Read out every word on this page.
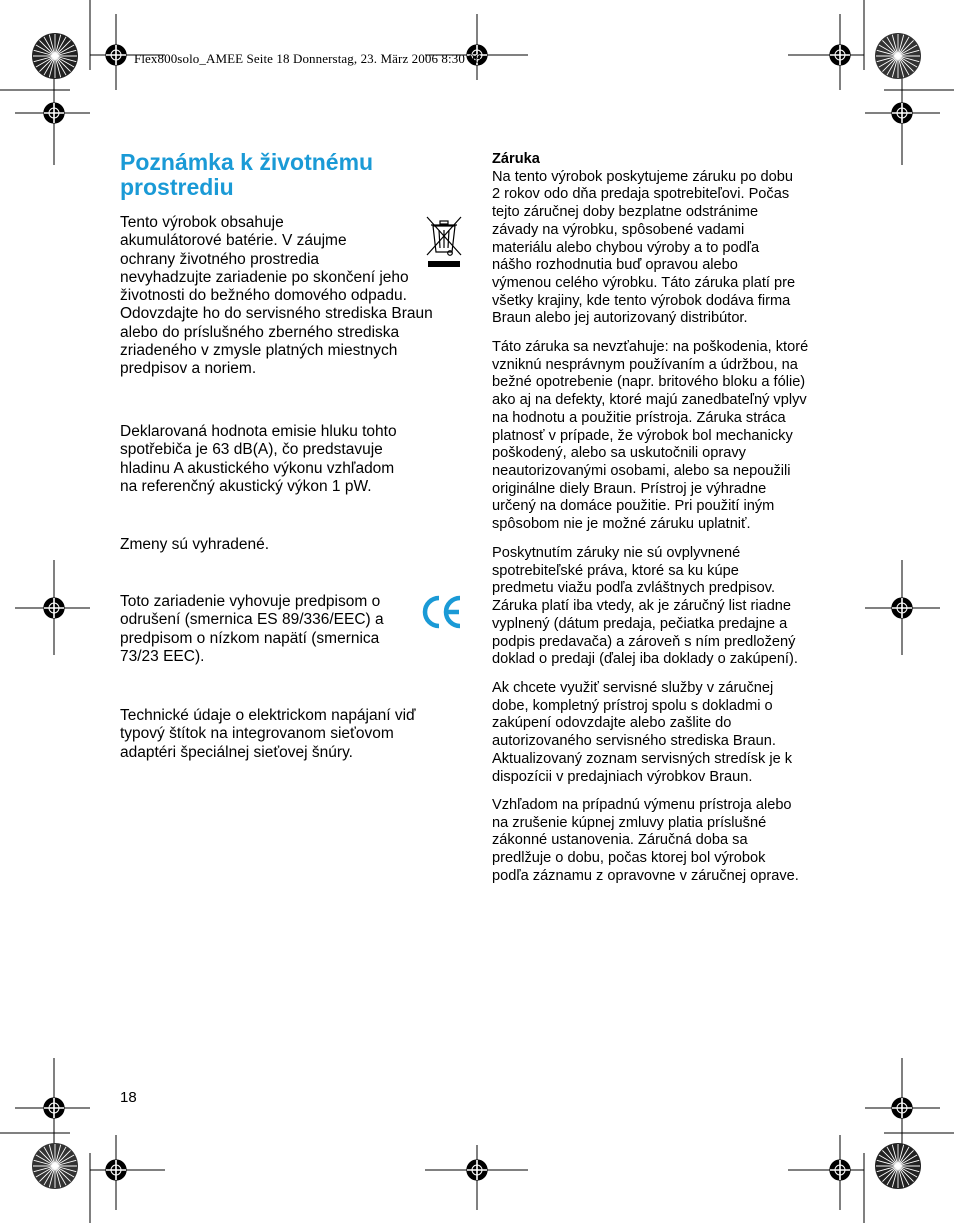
Flex800solo_AMEE Seite 18 Donnerstag, 23. März 2006 8:30 08
Poznámka k životnému
prostrediu

Tento výrobok obsahuje

akumulátorové batérie. V záujme

ochrany životného prostredia

nevyhadzujte zariadenie po skončení jeho

životnosti do bežného domového odpadu.

Odovzdajte ho do servisného strediska Braun

alebo do príslušného zberného strediska

zriadeného v zmysle platných miestnych

predpisov a noriem.

Deklarovaná hodnota emisie hluku tohto

spotřebiča je 63 dB(A), čo predstavuje

hladinu A akustického výkonu vzhľadom

na referenčný akustický výkon 1 pW.

Zmeny sú vyhradené.

Toto zariadenie vyhovuje predpisom o

odrušení (smernica ES 89/336/EEC) a

predpisom o nízkom napätí (smernica

73/23 EEC).

Technické údaje o elektrickom napájaní viď

typový štítok na integrovanom sieťovom

adaptéri špeciálnej sieťovej šnúry.

Záruka

Na tento výrobok poskytujeme záruku po dobu

2 rokov odo dňa predaja spotrebiteľovi. Počas

tejto záručnej doby bezplatne odstránime

závady na výrobku, spôsobené vadami

materiálu alebo chybou výroby a to podľa

nášho rozhodnutia buď opravou alebo

výmenou celého výrobku. Táto záruka platí pre

všetky krajiny, kde tento výrobok dodáva firma

Braun alebo jej autorizovaný distribútor.

Táto záruka sa nevzťahuje: na poškodenia, ktoré

vzniknú nesprávnym používaním a údržbou, na

bežné opotrebenie (napr. britového bloku a fólie)

ako aj na defekty, ktoré majú zanedbateľný vplyv

na hodnotu a použitie prístroja. Záruka stráca

platnosť v prípade, že výrobok bol mechanicky

poškodený, alebo sa uskutočnili opravy

neautorizovanými osobami, alebo sa nepoužili

originálne diely Braun. Prístroj je výhradne

určený na domáce použitie. Pri použití iným

spôsobom nie je možné záruku uplatniť.

Poskytnutím záruky nie sú ovplyvnené

spotrebiteľské práva, ktoré sa ku kúpe

predmetu viažu podľa zvláštnych predpisov.

Záruka platí iba vtedy, ak je záručný list riadne

vyplnený (dátum predaja, pečiatka predajne a

podpis predavača) a zároveň s ním predložený

doklad o predaji (ďalej iba doklady o zakúpení).

Ak chcete využiť servisné služby v záručnej

dobe, kompletný prístroj spolu s dokladmi o

zakúpení odovzdajte alebo zašlite do

autorizovaného servisného strediska Braun.

Aktualizovaný zoznam servisných stredísk je k

dispozícii v predajniach výrobkov Braun.

Vzhľadom na prípadnú výmenu prístroja alebo

na zrušenie kúpnej zmluvy platia príslušné

zákonné ustanovenia. Záručná doba sa

predlžuje o dobu, počas ktorej bol výrobok

podľa záznamu z opravovne v záručnej oprave.

18
